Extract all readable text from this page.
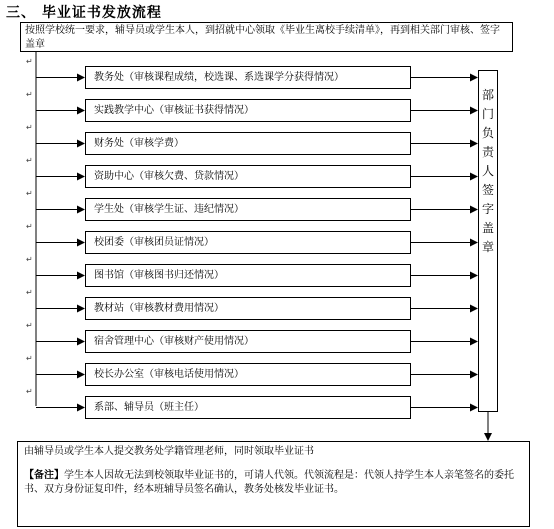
三、 毕业证书发放流程
按照学校统一要求，辅导员或学生本人，到招就中心领取《毕业生离校手续清单》，再到相关部门审核、签字盖章
教务处（审核课程成绩，校选课、系选课学分获得情况）
↵
实践教学中心（审核证书获得情况）
↵
财务处（审核学费）
↵
资助中心（审核欠费、贷款情况）
↵
学生处（审核学生证、违纪情况）
↵
校团委（审核团员证情况）
↵
图书馆（审核图书归还情况）
↵
教材站（审核教材费用情况）
↵
宿舍管理中心（审核财产使用情况）
↵
校长办公室（审核电话使用情况）
↵
系部、辅导员（班主任）
↵
部
门
负
责
人
签
字
盖
章
由辅导员或学生本人提交教务处学籍管理老师，同时领取毕业证书
【备注】学生本人因故无法到校领取毕业证书的，可请人代领。代领流程是：代领人持学生本人亲笔签名的委托书、双方身份证复印件，经本班辅导员签名确认，教务处核发毕业证书。
